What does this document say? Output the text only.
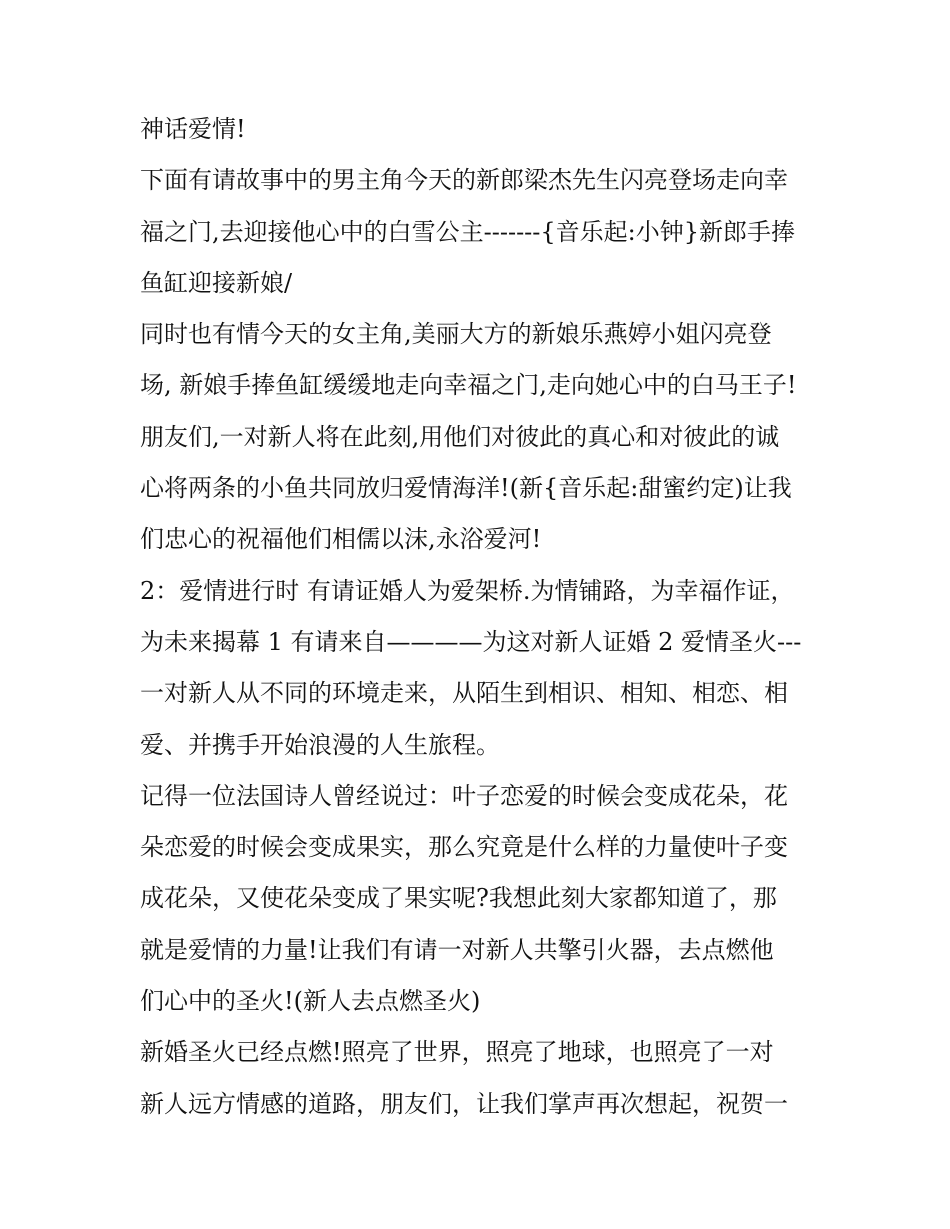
神话爱情!
下面有请故事中的男主角今天的新郎梁杰先生闪亮登场走向幸
福之门,去迎接他心中的白雪公主-------{音乐起:小钟}新郎手捧
鱼缸迎接新娘/
同时也有情今天的女主角,美丽大方的新娘乐燕婷小姐闪亮登
场, 新娘手捧鱼缸缓缓地走向幸福之门,走向她心中的白马王子!
朋友们,一对新人将在此刻,用他们对彼此的真心和对彼此的诚
心将两条的小鱼共同放归爱情海洋!(新{音乐起:甜蜜约定)让我
们忠心的祝福他们相儒以沫,永浴爱河!
2：爱情进行时 有请证婚人为爱架桥.为情铺路，为幸福作证，
为未来揭幕 1 有请来自————为这对新人证婚 2 爱情圣火---
一对新人从不同的环境走来，从陌生到相识、相知、相恋、相
爱、并携手开始浪漫的人生旅程。
记得一位法国诗人曾经说过：叶子恋爱的时候会变成花朵，花
朵恋爱的时候会变成果实，那么究竟是什么样的力量使叶子变
成花朵，又使花朵变成了果实呢?我想此刻大家都知道了，那
就是爱情的力量!让我们有请一对新人共擎引火器，去点燃他
们心中的圣火!(新人去点燃圣火)
新婚圣火已经点燃!照亮了世界，照亮了地球，也照亮了一对
新人远方情感的道路，朋友们，让我们掌声再次想起，祝贺一
